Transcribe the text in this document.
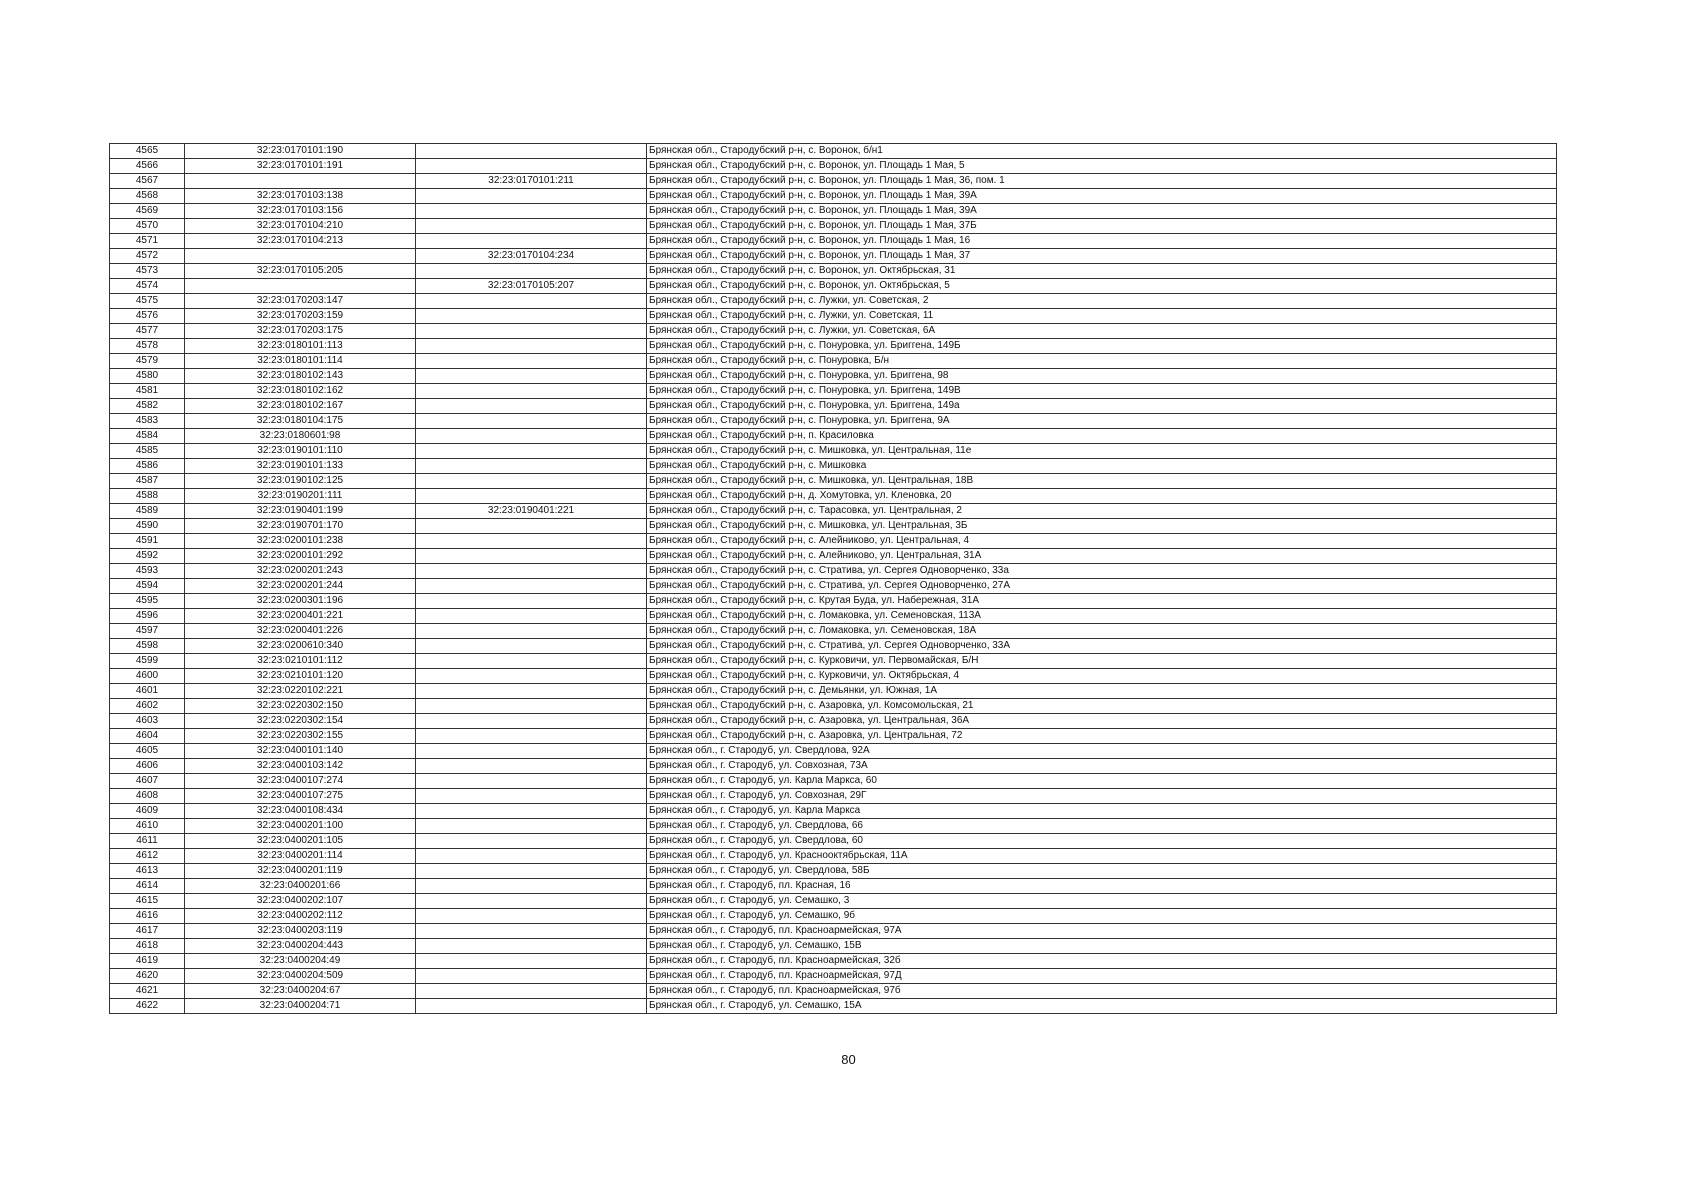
4565	32:23:0170101:190		Брянская обл., Стародубский р-н, с. Воронок, б/н1
4566	32:23:0170101:191		Брянская обл., Стародубский р-н, с. Воронок, ул. Площадь 1 Мая, 5
4567		32:23:0170101:211	Брянская обл., Стародубский р-н, с. Воронок, ул. Площадь 1 Мая, 36, пом. 1
4568	32:23:0170103:138		Брянская обл., Стародубский р-н, с. Воронок, ул. Площадь 1 Мая, 39А
4569	32:23:0170103:156		Брянская обл., Стародубский р-н, с. Воронок, ул. Площадь 1 Мая, 39А
4570	32:23:0170104:210		Брянская обл., Стародубский р-н, с. Воронок, ул. Площадь 1 Мая, 37Б
4571	32:23:0170104:213		Брянская обл., Стародубский р-н, с. Воронок, ул. Площадь 1 Мая, 16
4572		32:23:0170104:234	Брянская обл., Стародубский р-н, с. Воронок, ул. Площадь 1 Мая, 37
4573	32:23:0170105:205		Брянская обл., Стародубский р-н, с. Воронок, ул. Октябрьская, 31
4574		32:23:0170105:207	Брянская обл., Стародубский р-н, с. Воронок, ул. Октябрьская, 5
4575	32:23:0170203:147		Брянская обл., Стародубский р-н, с. Лужки, ул. Советская, 2
4576	32:23:0170203:159		Брянская обл., Стародубский р-н, с. Лужки, ул. Советская, 11
4577	32:23:0170203:175		Брянская обл., Стародубский р-н, с. Лужки, ул. Советская, 6А
4578	32:23:0180101:113		Брянская обл., Стародубский р-н, с. Понуровка, ул. Бриггена, 149Б
4579	32:23:0180101:114		Брянская обл., Стародубский р-н, с. Понуровка, Б/н
4580	32:23:0180102:143		Брянская обл., Стародубский р-н, с. Понуровка, ул. Бриггена, 98
4581	32:23:0180102:162		Брянская обл., Стародубский р-н, с. Понуровка, ул. Бриггена, 149В
4582	32:23:0180102:167		Брянская обл., Стародубский р-н, с. Понуровка, ул. Бриггена, 149а
4583	32:23:0180104:175		Брянская обл., Стародубский р-н, с. Понуровка, ул. Бриггена, 9А
4584	32:23:0180601:98		Брянская обл., Стародубский р-н, п. Красиловка
4585	32:23:0190101:110		Брянская обл., Стародубский р-н, с. Мишковка, ул. Центральная, 11е
4586	32:23:0190101:133		Брянская обл., Стародубский р-н, с. Мишковка
4587	32:23:0190102:125		Брянская обл., Стародубский р-н, с. Мишковка, ул. Центральная, 18В
4588	32:23:0190201:111		Брянская обл., Стародубский р-н, д. Хомутовка, ул. Кленовка, 20
4589	32:23:0190401:199	32:23:0190401:221	Брянская обл., Стародубский р-н, с. Тарасовка, ул. Центральная, 2
4590	32:23:0190701:170		Брянская обл., Стародубский р-н, с. Мишковка, ул. Центральная, 3Б
4591	32:23:0200101:238		Брянская обл., Стародубский р-н, с. Алейниково, ул. Центральная, 4
4592	32:23:0200101:292		Брянская обл., Стародубский р-н, с. Алейниково, ул. Центральная, 31А
4593	32:23:0200201:243		Брянская обл., Стародубский р-н, с. Стратива, ул. Сергея Одноворченко, 33а
4594	32:23:0200201:244		Брянская обл., Стародубский р-н, с. Стратива, ул. Сергея Одноворченко, 27А
4595	32:23:0200301:196		Брянская обл., Стародубский р-н, с. Крутая Буда, ул. Набережная, 31А
4596	32:23:0200401:221		Брянская обл., Стародубский р-н, с. Ломаковка, ул. Семеновская, 113А
4597	32:23:0200401:226		Брянская обл., Стародубский р-н, с. Ломаковка, ул. Семеновская, 18А
4598	32:23:0200610:340		Брянская обл., Стародубский р-н, с. Стратива, ул. Сергея Одноворченко, 33А
4599	32:23:0210101:112		Брянская обл., Стародубский р-н, с. Курковичи, ул. Первомайская, Б/Н
4600	32:23:0210101:120		Брянская обл., Стародубский р-н, с. Курковичи, ул. Октябрьская, 4
4601	32:23:0220102:221		Брянская обл., Стародубский р-н, с. Демьянки, ул. Южная, 1А
4602	32:23:0220302:150		Брянская обл., Стародубский р-н, с. Азаровка, ул. Комсомольская, 21
4603	32:23:0220302:154		Брянская обл., Стародубский р-н, с. Азаровка, ул. Центральная, 36А
4604	32:23:0220302:155		Брянская обл., Стародубский р-н, с. Азаровка, ул. Центральная, 72
4605	32:23:0400101:140		Брянская обл., г. Стародуб, ул. Свердлова, 92А
4606	32:23:0400103:142		Брянская обл., г. Стародуб, ул. Совхозная, 73А
4607	32:23:0400107:274		Брянская обл., г. Стародуб, ул. Карла Маркса, 60
4608	32:23:0400107:275		Брянская обл., г. Стародуб, ул. Совхозная, 29Г
4609	32:23:0400108:434		Брянская обл., г. Стародуб, ул. Карла Маркса
4610	32:23:0400201:100		Брянская обл., г. Стародуб, ул. Свердлова, 66
4611	32:23:0400201:105		Брянская обл., г. Стародуб, ул. Свердлова, 60
4612	32:23:0400201:114		Брянская обл., г. Стародуб, ул. Краснооктябрьская, 11А
4613	32:23:0400201:119		Брянская обл., г. Стародуб, ул. Свердлова, 58Б
4614	32:23:0400201:66		Брянская обл., г. Стародуб, пл. Красная, 16
4615	32:23:0400202:107		Брянская обл., г. Стародуб, ул. Семашко, 3
4616	32:23:0400202:112		Брянская обл., г. Стародуб, ул. Семашко, 9б
4617	32:23:0400203:119		Брянская обл., г. Стародуб, пл. Красноармейская, 97А
4618	32:23:0400204:443		Брянская обл., г. Стародуб, ул. Семашко, 15В
4619	32:23:0400204:49		Брянская обл., г. Стародуб, пл. Красноармейская, 32б
4620	32:23:0400204:509		Брянская обл., г. Стародуб, пл. Красноармейская, 97Д
4621	32:23:0400204:67		Брянская обл., г. Стародуб, пл. Красноармейская, 97б
4622	32:23:0400204:71		Брянская обл., г. Стародуб, ул. Семашко, 15А
80
